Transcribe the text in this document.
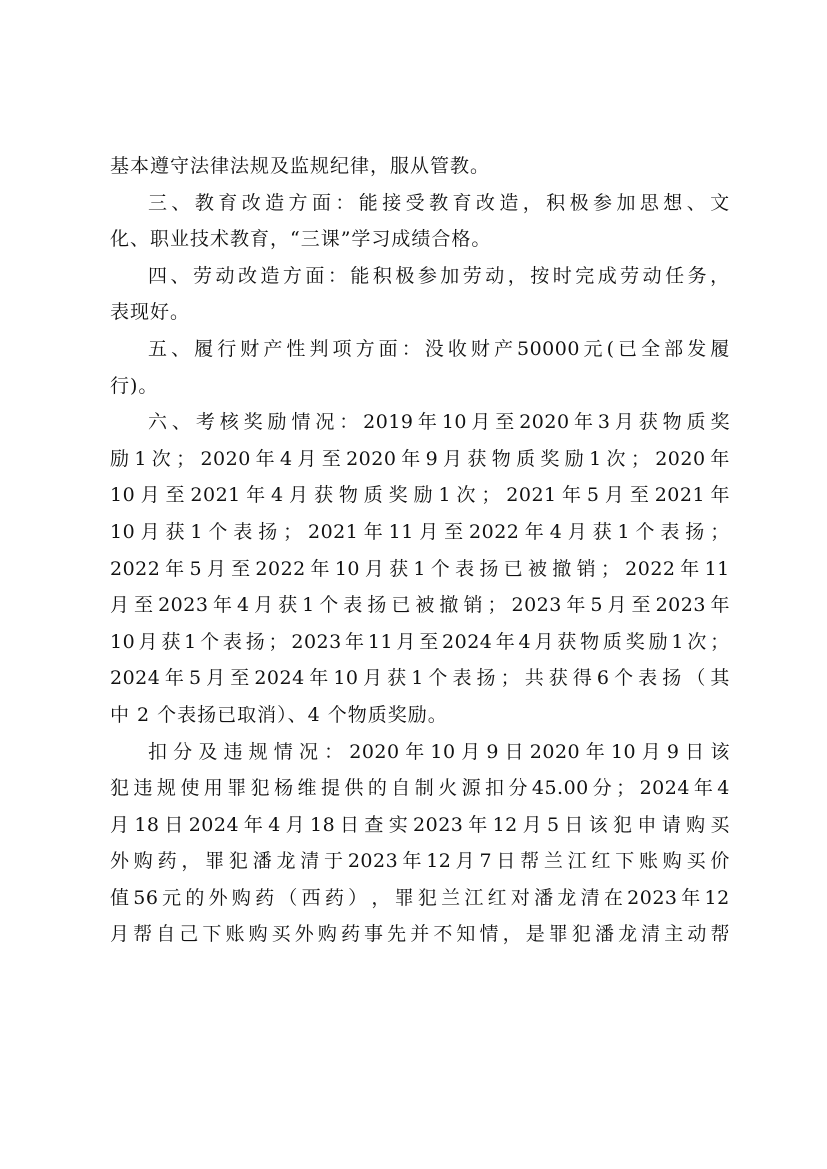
基本遵守法律法规及监规纪律，服从管教。
三 、 教 育 改 造 方 面 ： 能 接 受 教 育 改 造 ， 积 极 参 加 思 想 、 文
化、职业技术教育，“三课”学习成绩合格。
四 、 劳 动 改 造 方 面 ： 能 积 极 参 加 劳 动 ， 按 时 完 成 劳 动 任 务 ，
表现好。
五 、 履 行 财 产 性 判 项 方 面 ： 没 收 财 产 50000 元 ( 已 全 部 发 履
行)。
六 、 考 核 奖 励 情 况 ： 2019 年 10 月 至 2020 年 3 月 获 物 质 奖
励 1 次 ； 2020 年 4 月 至 2020 年 9 月 获 物 质 奖 励 1 次 ； 2020 年
10 月 至 2021 年 4 月 获 物 质 奖 励 1 次 ； 2021 年 5 月 至 2021 年
10 月 获 1 个 表 扬 ； 2021 年 11 月 至 2022 年 4 月 获 1 个 表 扬 ；
2022 年 5 月 至 2022 年 10 月 获 1 个 表 扬 已 被 撤 销 ； 2022 年 11
月 至 2023 年 4 月 获 1 个 表 扬 已 被 撤 销 ； 2023 年 5 月 至 2023 年
10 月 获 1 个 表 扬 ； 2023 年 11 月 至 2024 年 4 月 获 物 质 奖 励 1 次 ；
2024 年 5 月 至 2024 年 10 月 获 1 个 表 扬 ； 共 获 得 6 个 表 扬 （ 其
中 2 个表扬已取消）、4 个物质奖励。
扣 分 及 违 规 情 况 ： 2020 年 10 月 9 日 2020 年 10 月 9 日 该
犯 违 规 使 用 罪 犯 杨 维 提 供 的 自 制 火 源 扣 分 45.00 分 ； 2024 年 4
月 18 日 2024 年 4 月 18 日 查 实 2023 年 12 月 5 日 该 犯 申 请 购 买
外 购 药 ， 罪 犯 潘 龙 清 于 2023 年 12 月 7 日 帮 兰 江 红 下 账 购 买 价
值 56 元 的 外 购 药 （ 西 药 ） ， 罪 犯 兰 江 红 对 潘 龙 清 在 2023 年 12
月 帮 自 己 下 账 购 买 外 购 药 事 先 并 不 知 情 ， 是 罪 犯 潘 龙 清 主 动 帮
